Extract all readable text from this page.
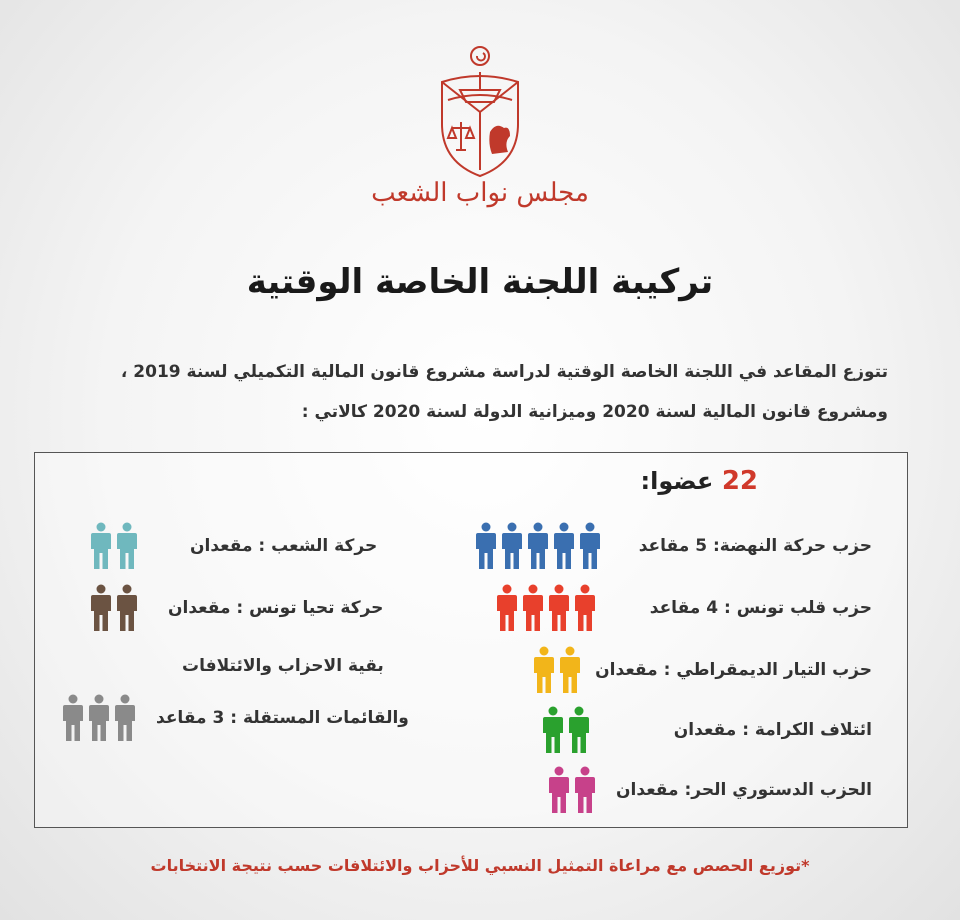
مجلس نواب الشعب
تركيبة اللجنة الخاصة الوقتية
تتوزع المقاعد في اللجنة الخاصة الوقتية لدراسة مشروع قانون المالية التكميلي لسنة 2019 ،
ومشروع قانون المالية لسنة 2020 وميزانية الدولة لسنة 2020 كالاتي :
22 عضوا:
حزب حركة النهضة: 5 مقاعد
حزب قلب تونس : 4 مقاعد
حزب التيار الديمقراطي : مقعدان
ائتلاف الكرامة : مقعدان
الحزب الدستوري الحر: مقعدان
حركة الشعب : مقعدان
حركة تحيا تونس : مقعدان
بقية الاحزاب والائتلافات
والقائمات المستقلة : 3 مقاعد
*توزيع الحصص مع مراعاة التمثيل النسبي للأحزاب والائتلافات حسب نتيجة الانتخابات
